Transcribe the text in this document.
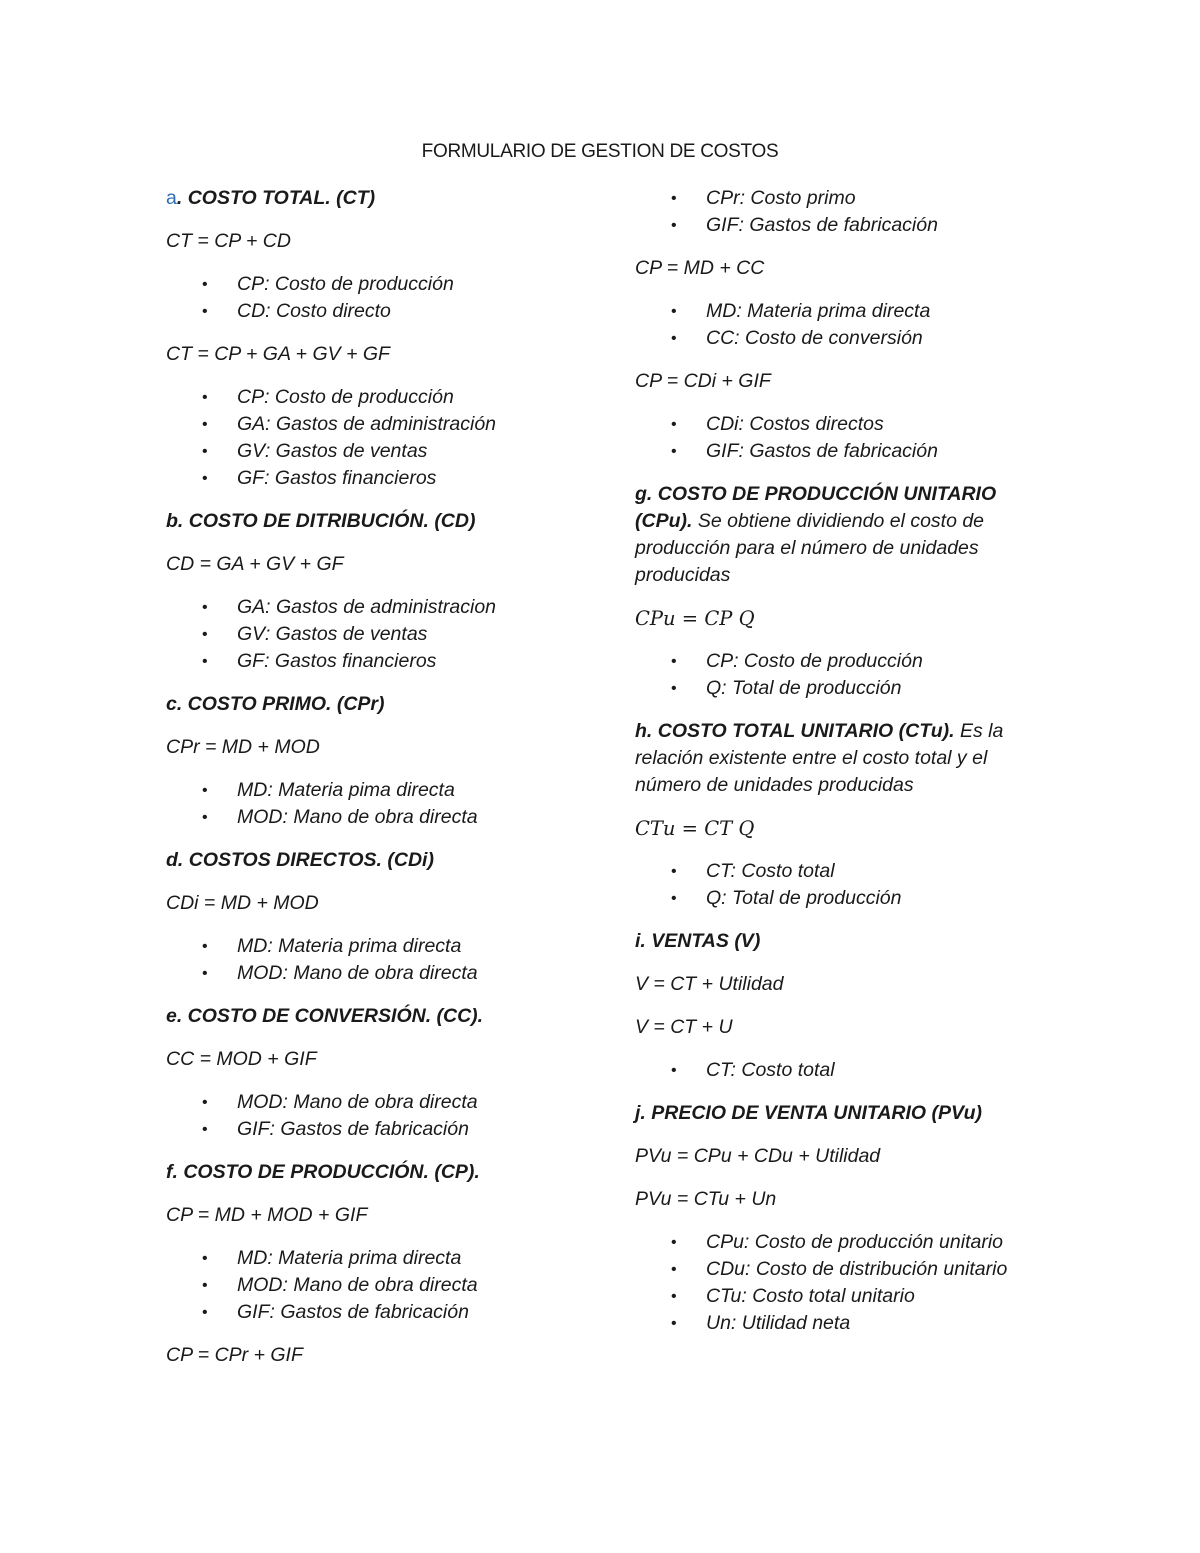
FORMULARIO DE GESTION DE COSTOS
a. COSTO TOTAL. (CT)
CT = CP + CD
• CP: Costo de producción
• CD: Costo directo
CT = CP + GA + GV + GF
• CP: Costo de producción
• GA: Gastos de administración
• GV: Gastos de ventas
• GF: Gastos financieros
b. COSTO DE DITRIBUCIÓN. (CD)
CD = GA + GV + GF
• GA: Gastos de administracion
• GV: Gastos de ventas
• GF: Gastos financieros
c. COSTO PRIMO. (CPr)
CPr = MD + MOD
• MD: Materia pima directa
• MOD: Mano de obra directa
d. COSTOS DIRECTOS. (CDi)
CDi = MD + MOD
• MD: Materia prima directa
• MOD: Mano de obra directa
e. COSTO DE CONVERSIÓN. (CC).
CC = MOD + GIF
• MOD: Mano de obra directa
• GIF: Gastos de fabricación
f. COSTO DE PRODUCCIÓN. (CP).
CP = MD + MOD + GIF
• MD: Materia prima directa
• MOD: Mano de obra directa
• GIF: Gastos de fabricación
CP = CPr + GIF
• CPr: Costo primo
• GIF: Gastos de fabricación
CP = MD + CC
• MD: Materia prima directa
• CC: Costo de conversión
CP = CDi + GIF
• CDi: Costos directos
• GIF: Gastos de fabricación
g. COSTO DE PRODUCCIÓN UNITARIO (CPu). Se obtiene dividiendo el costo de producción para el número de unidades producidas
CPu = CP Q
• CP: Costo de producción
• Q: Total de producción
h. COSTO TOTAL UNITARIO (CTu). Es la relación existente entre el costo total y el número de unidades producidas
CTu = CT Q
• CT: Costo total
• Q: Total de producción
i. VENTAS (V)
V = CT + Utilidad
V = CT + U
• CT: Costo total
j. PRECIO DE VENTA UNITARIO (PVu)
PVu = CPu + CDu + Utilidad
PVu = CTu + Un
• CPu: Costo de producción unitario
• CDu: Costo de distribución unitario
• CTu: Costo total unitario
• Un: Utilidad neta
